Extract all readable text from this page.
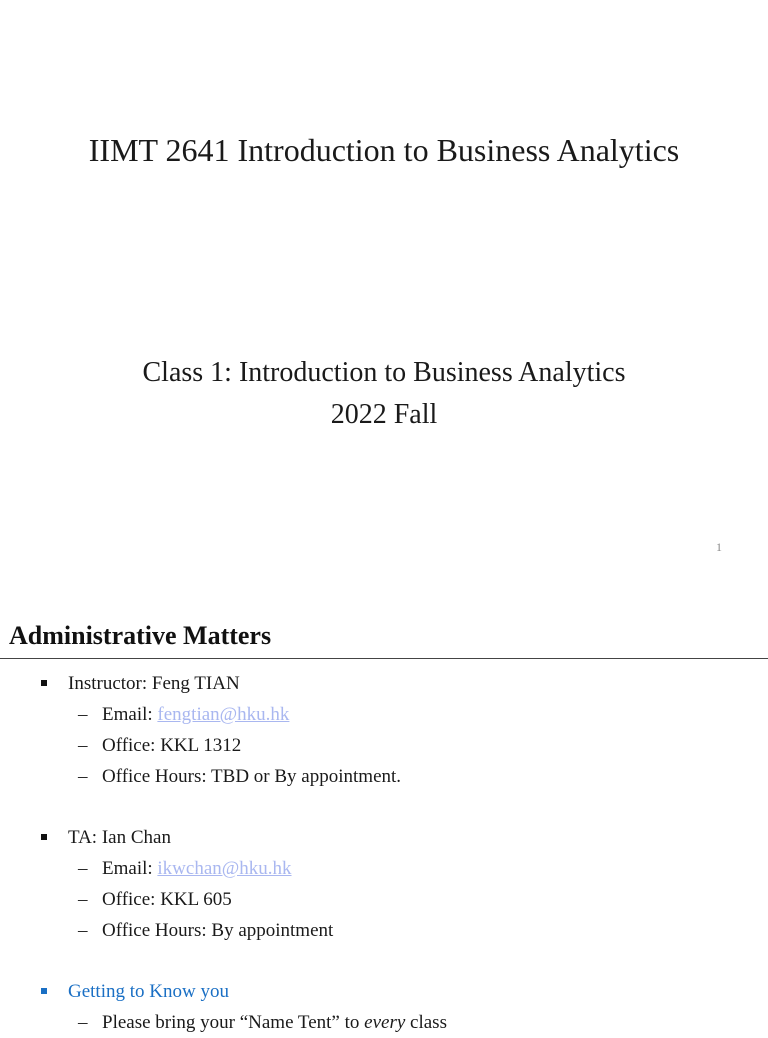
IIMT 2641 Introduction to Business Analytics
Class 1: Introduction to Business Analytics
2022 Fall
1
Administrative Matters
Instructor: Feng TIAN
– Email: fengtian@hku.hk
– Office: KKL 1312
– Office Hours: TBD or By appointment.
TA: Ian Chan
– Email: ikwchan@hku.hk
– Office: KKL 605
– Office Hours: By appointment
Getting to Know you
– Please bring your “Name Tent” to every class
